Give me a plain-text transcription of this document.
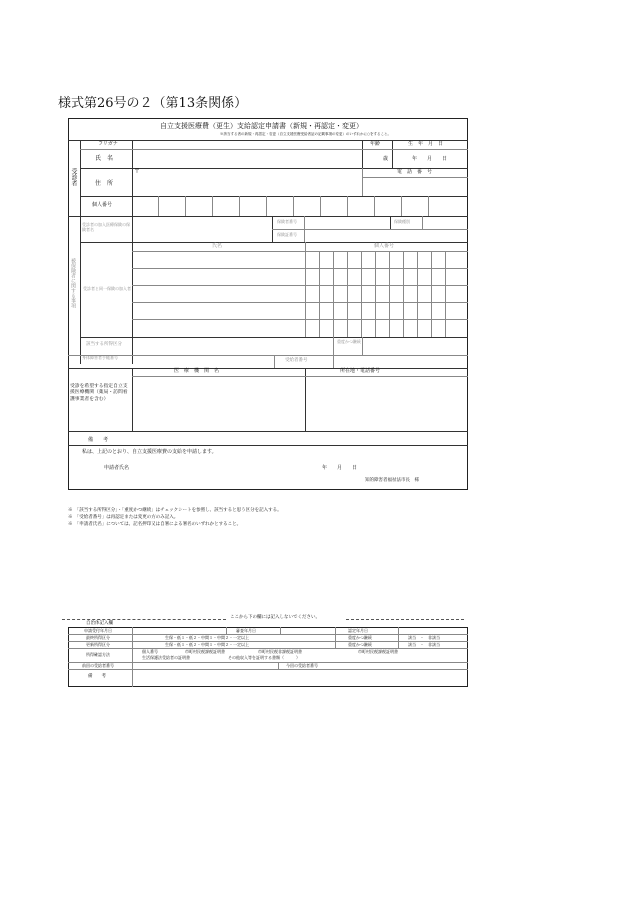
様式第26号の２（第13条関係）
自立支援医療費（更生）支給認定申請書（新規・再認定・変更）
※該当する者の新規・再認定・変更（自立支援医療受給者証の記載事項の変更）のいずれかに○をすること。
受診者
フリガナ
氏　名
年齢	生　年　月　日
歳	年　　月　　日
〒
住　所
電　話　番　号
個人番号
被保険者に関する事項
受診者の加入医療保険の保険者名
保険者番号	保険種別
保険証番号
氏名	個人番号
受診者と同一保険の加入者
該当する所得区分
重度かつ継続
身体障害者手帳番号
受給者番号
医　療　機　関　名	所在地・電話番号
受診を希望する指定自立支援医療機関（薬局・訪問看護事業者を含む）
備　　考
私は、上記のとおり、自立支援医療費の支給を申請します。
申請者氏名	年　　月　　日
知的障害者福祉法市長　様
※　「該当する所得区分」・「重度かつ継続」はチェックシートを参照し、該当すると思う区分を記入する。
※　「受給者番号」は再認定または変更の方のみ記入。
※　「申請者氏名」については、記名押印又は自署による署名のいずれかとすること。
ここから下の欄には記入しないでください。
自治体記入欄
申請受付年月日	審査年月日	認定年月日
最終所得区分	生保・低１・低２・中間１・中間２・一定以上	重度かつ継続	該当　・　非該当
更新所得区分	生保・低１・低２・中間１・中間２・一定以上	重度かつ継続	該当　・　非該当
所得確認方法
個人番号	市町村民税課税証明書	市町村民税非課税証明書	市町村民税課税証明書
生活保護法受給者の証明書	その他収入等を証明する書類（　　　）
前回の受給者番号	今回の受給者番号
備　　考
